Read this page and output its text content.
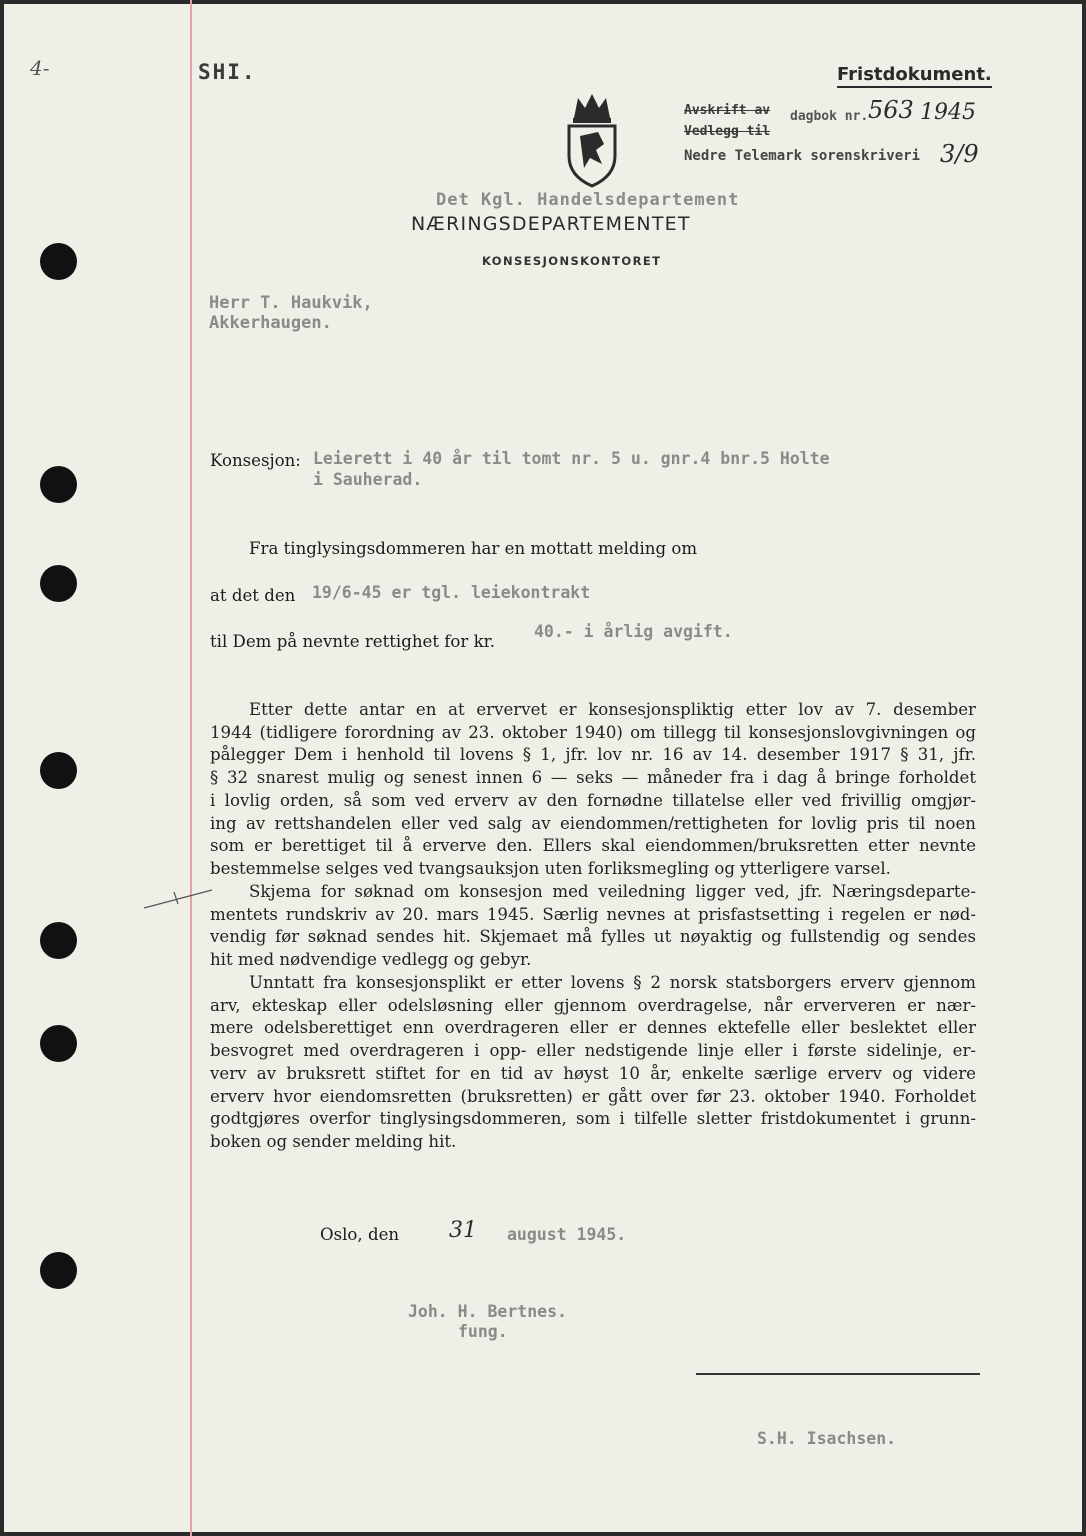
4-	SHI.	Fristdokument.
Avskrift av dagbok nr. 563 1945
Vedlegg til
Nedre Telemark sorenskriveri 3/9
Det Kgl. Handelsdepartement
NÆRINGSDEPARTEMENTET
KONSESJONSKONTORET
Herr T. Haukvik,
Akkerhaugen.
Konsesjon: Leierett i 40 år til tomt nr. 5 u. gnr.4 bnr.5 Holte
i Sauherad.
Fra tinglysingsdommeren har en mottatt melding om
at det den 19/6-45 er tgl. leiekontrakt
til Dem på nevnte rettighet for kr.
40.- i årlig avgift.

Etter dette antar en at ervervet er konsesjonspliktig etter lov av 7. desember

1944 (tidligere forordning av 23. oktober 1940) om tillegg til konsesjonslovgivningen og

pålegger Dem i henhold til lovens § 1, jfr. lov nr. 16 av 14. desember 1917 § 31, jfr.

§ 32 snarest mulig og senest innen 6 — seks — måneder fra i dag å bringe forholdet

i lovlig orden, så som ved erverv av den fornødne tillatelse eller ved frivillig omgjør-

ing av rettshandelen eller ved salg av eiendommen/rettigheten for lovlig pris til noen

som er berettiget til å erverve den. Ellers skal eiendommen/bruksretten etter nevnte

bestemmelse selges ved tvangsauksjon uten forliksmegling og ytterligere varsel.

Skjema for søknad om konsesjon med veiledning ligger ved, jfr. Næringsdeparte-

mentets rundskriv av 20. mars 1945. Særlig nevnes at prisfastsetting i regelen er nød-

vendig før søknad sendes hit. Skjemaet må fylles ut nøyaktig og fullstendig og sendes

hit med nødvendige vedlegg og gebyr.

Unntatt fra konsesjonsplikt er etter lovens § 2 norsk statsborgers erverv gjennom

arv, ekteskap eller odelsløsning eller gjennom overdragelse, når erververen er nær-

mere odelsberettiget enn overdrageren eller er dennes ektefelle eller beslektet eller

besvogret med overdrageren i opp- eller nedstigende linje eller i første sidelinje, er-

verv av bruksrett stiftet for en tid av høyst 10 år, enkelte særlige erverv og videre

erverv hvor eiendomsretten (bruksretten) er gått over før 23. oktober 1940. Forholdet

godtgjøres overfor tinglysingsdommeren, som i tilfelle sletter fristdokumentet i grunn-

boken og sender melding hit.

Oslo, den 31 august 1945.
Joh. H. Bertnes.
fung.
S.H. Isachsen.
